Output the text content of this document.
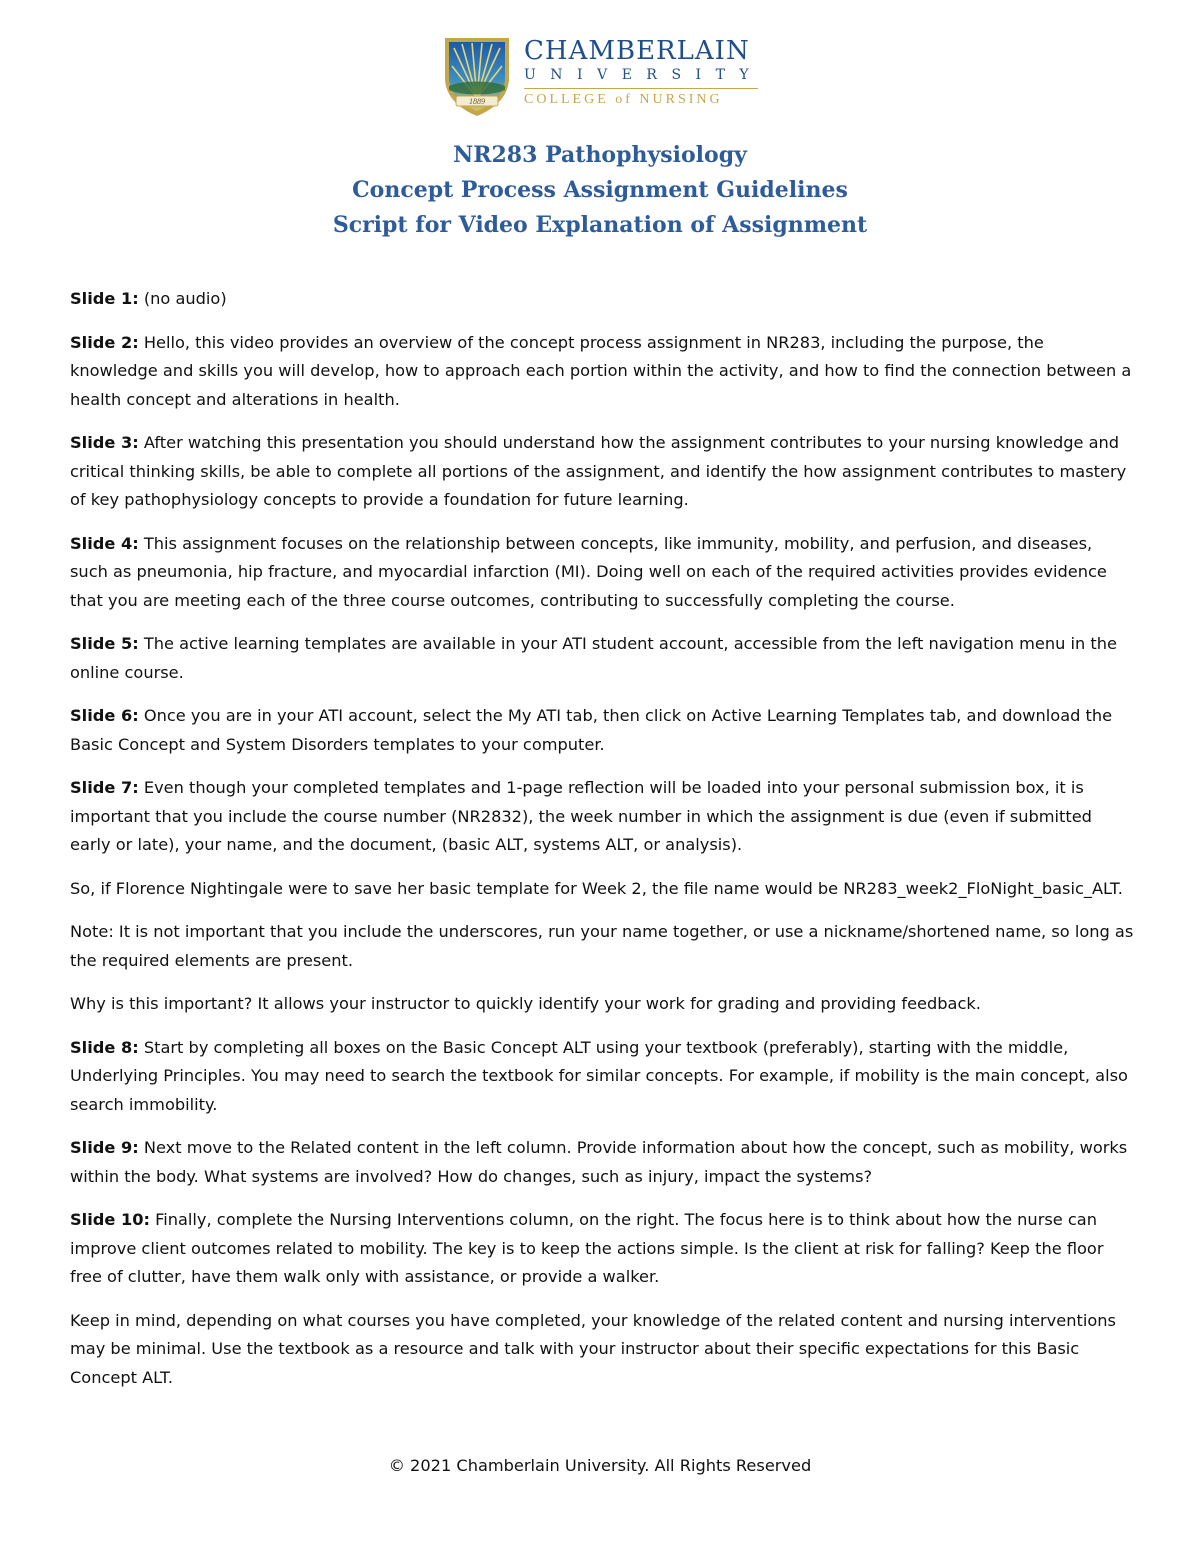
1889
CHAMBERLAIN
UNIVERSITY
COLLEGE of NURSING
NR283 Pathophysiology
Concept Process Assignment Guidelines
Script for Video Explanation of Assignment

Slide 1: (no audio)

Slide 2: Hello, this video provides an overview of the concept process assignment in NR283, including the purpose, the knowledge and skills you will develop, how to approach each portion within the activity, and how to find the connection between a health concept and alterations in health.

Slide 3: After watching this presentation you should understand how the assignment contributes to your nursing knowledge and critical thinking skills, be able to complete all portions of the assignment, and identify the how assignment contributes to mastery of key pathophysiology concepts to provide a foundation for future learning.

Slide 4: This assignment focuses on the relationship between concepts, like immunity, mobility, and perfusion, and diseases, such as pneumonia, hip fracture, and myocardial infarction (MI). Doing well on each of the required activities provides evidence that you are meeting each of the three course outcomes, contributing to successfully completing the course.

Slide 5: The active learning templates are available in your ATI student account, accessible from the left navigation menu in the online course.

Slide 6: Once you are in your ATI account, select the My ATI tab, then click on Active Learning Templates tab, and download the Basic Concept and System Disorders templates to your computer.

Slide 7: Even though your completed templates and 1-page reflection will be loaded into your personal submission box, it is important that you include the course number (NR2832), the week number in which the assignment is due (even if submitted early or late), your name, and the document, (basic ALT, systems ALT, or analysis).

So, if Florence Nightingale were to save her basic template for Week 2, the file name would be NR283_week2_FloNight_basic_ALT.

Note: It is not important that you include the underscores, run your name together, or use a nickname/shortened name, so long as the required elements are present.

Why is this important? It allows your instructor to quickly identify your work for grading and providing feedback.

Slide 8: Start by completing all boxes on the Basic Concept ALT using your textbook (preferably), starting with the middle, Underlying Principles. You may need to search the textbook for similar concepts. For example, if mobility is the main concept, also search immobility.

Slide 9: Next move to the Related content in the left column. Provide information about how the concept, such as mobility, works within the body. What systems are involved? How do changes, such as injury, impact the systems?

Slide 10: Finally, complete the Nursing Interventions column, on the right. The focus here is to think about how the nurse can improve client outcomes related to mobility. The key is to keep the actions simple. Is the client at risk for falling? Keep the floor free of clutter, have them walk only with assistance, or provide a walker.

Keep in mind, depending on what courses you have completed, your knowledge of the related content and nursing interventions may be minimal. Use the textbook as a resource and talk with your instructor about their specific expectations for this Basic Concept ALT.

© 2021 Chamberlain University. All Rights Reserved
